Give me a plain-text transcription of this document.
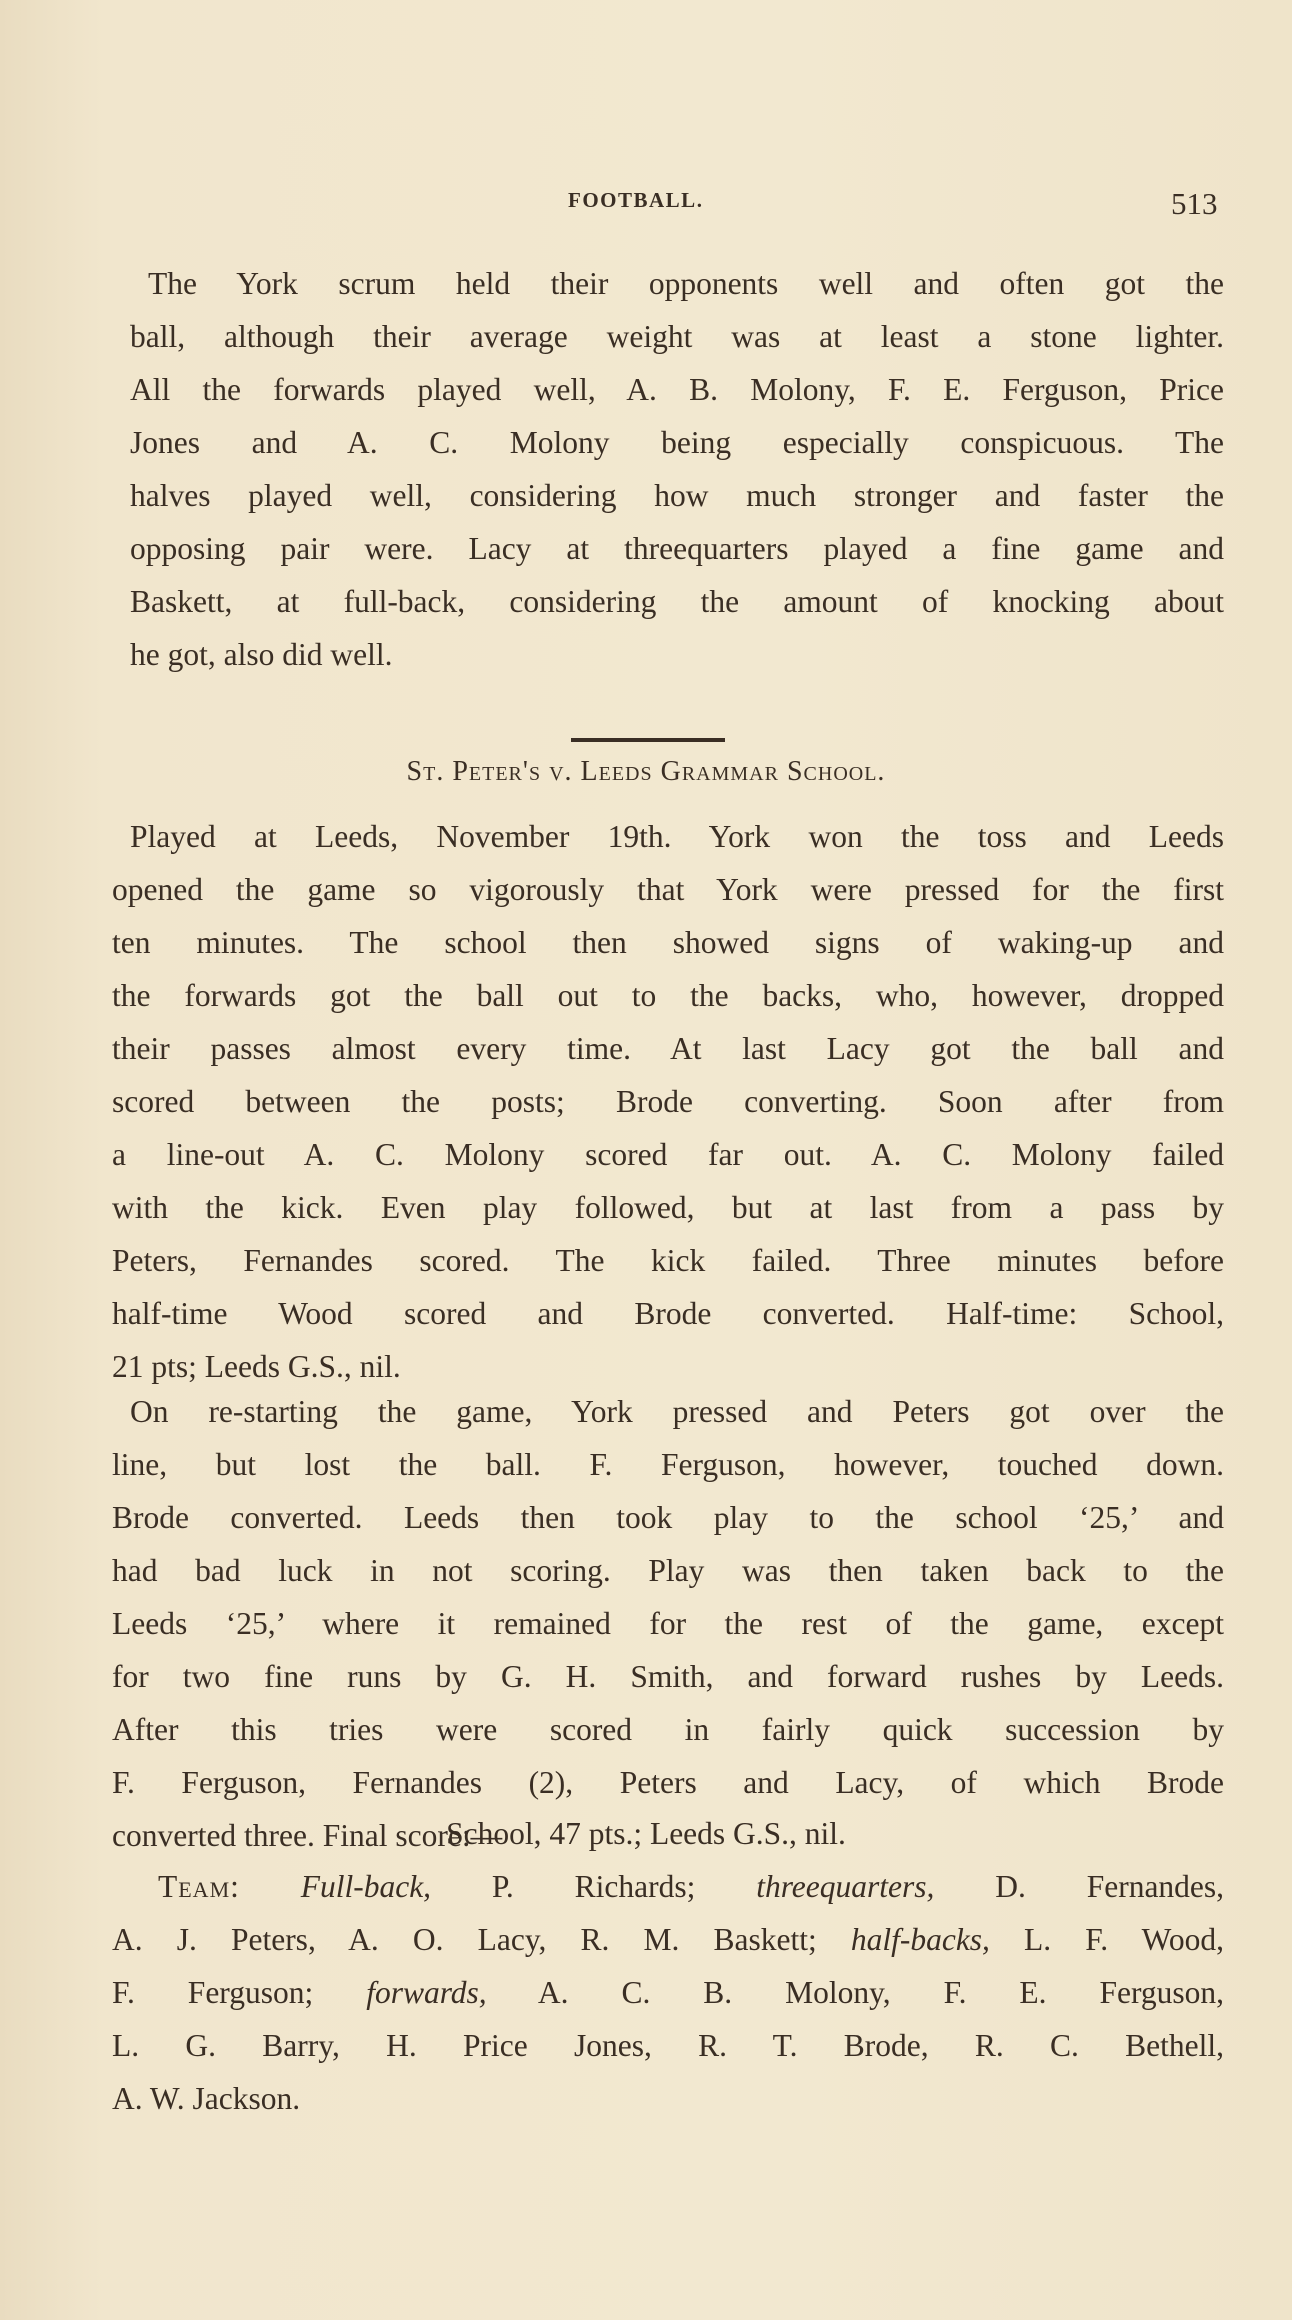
FOOTBALL.	513
The York scrum held their opponents well and often got the
ball, although their average weight was at least a stone lighter.
All the forwards played well, A. B. Molony, F. E. Ferguson, Price
Jones and A. C. Molony being especially conspicuous. The
halves played well, considering how much stronger and faster the
opposing pair were. Lacy at threequarters played a fine game and
Baskett, at full-back, considering the amount of knocking about
he got, also did well.
St. Peter's v. Leeds Grammar School.
Played at Leeds, November 19th. York won the toss and Leeds
opened the game so vigorously that York were pressed for the first
ten minutes. The school then showed signs of waking-up and
the forwards got the ball out to the backs, who, however, dropped
their passes almost every time. At last Lacy got the ball and
scored between the posts; Brode converting. Soon after from
a line-out A. C. Molony scored far out. A. C. Molony failed
with the kick. Even play followed, but at last from a pass by
Peters, Fernandes scored. The kick failed. Three minutes before
half-time Wood scored and Brode converted. Half-time: School,
21 pts; Leeds G.S., nil.
On re-starting the game, York pressed and Peters got over the
line, but lost the ball. F. Ferguson, however, touched down.
Brode converted. Leeds then took play to the school ‘25,’ and
had bad luck in not scoring. Play was then taken back to the
Leeds ‘25,’ where it remained for the rest of the game, except
for two fine runs by G. H. Smith, and forward rushes by Leeds.
After this tries were scored in fairly quick succession by
F. Ferguson, Fernandes (2), Peters and Lacy, of which Brode
converted three. Final score:—
School, 47 pts.; Leeds G.S., nil.
Team: Full-back, P. Richards; threequarters, D. Fernandes,
A. J. Peters, A. O. Lacy, R. M. Baskett; half-backs, L. F. Wood,
F. Ferguson; forwards, A. C. B. Molony, F. E. Ferguson,
L. G. Barry, H. Price Jones, R. T. Brode, R. C. Bethell,
A. W. Jackson.
